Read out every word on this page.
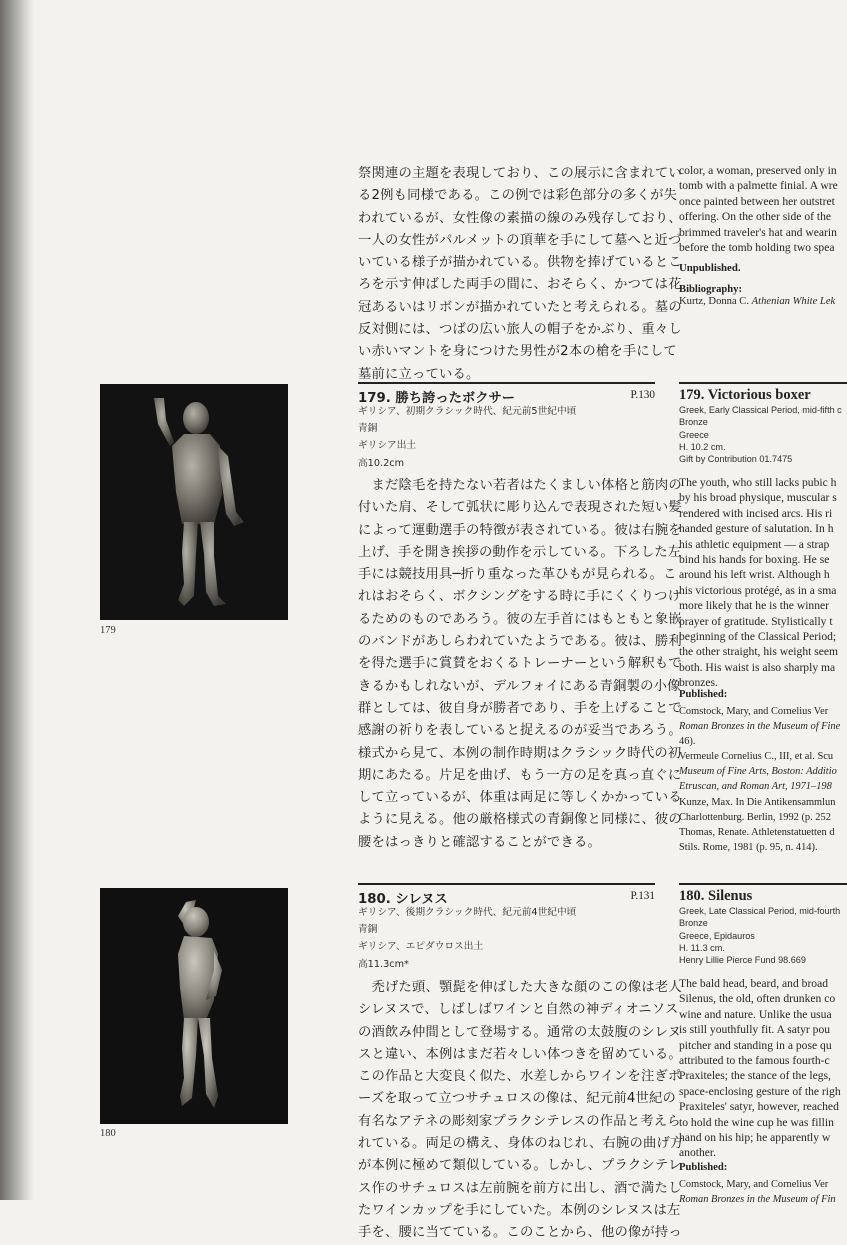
祭関連の主題を表現しており、この展示に含まれてい
る2例も同様である。この例では彩色部分の多くが失
われているが、女性像の素描の線のみ残存しており、
一人の女性がパルメットの頂華を手にして墓へと近づ
いている様子が描かれている。供物を捧げているとこ
ろを示す伸ばした両手の間に、おそらく、かつては花
冠あるいはリボンが描かれていたと考えられる。墓の
反対側には、つばの広い旅人の帽子をかぶり、重々し
い赤いマントを身につけた男性が2本の槍を手にして
墓前に立っている。
color, a woman, preserved only in
tomb with a palmette finial. A wre
once painted between her outstret
offering. On the other side of the
brimmed traveler's hat and wearin
before the tomb holding two spea
Unpublished.
Bibliography:
Kurtz, Donna C. Athenian White Lek
179
179. 勝ち誇ったボクサー	P.130
ギリシア、初期クラシック時代、紀元前5世紀中頃
青銅
ギリシア出土
高10.2cm
　まだ陰毛を持たない若者はたくましい体格と筋肉の
付いた肩、そして弧状に彫り込んで表現された短い髪
によって運動選手の特徴が表されている。彼は右腕を
上げ、手を開き挨拶の動作を示している。下ろした左
手には競技用具─折り重なった革ひもが見られる。こ
れはおそらく、ボクシングをする時に手にくくりつけ
るためのものであろう。彼の左手首にはもともと象嵌
のバンドがあしらわれていたようである。彼は、勝利
を得た選手に賞賛をおくるトレーナーという解釈もで
きるかもしれないが、デルフォイにある青銅製の小像
群としては、彼自身が勝者であり、手を上げることで
感謝の祈りを表していると捉えるのが妥当であろう。
様式から見て、本例の制作時期はクラシック時代の初
期にあたる。片足を曲げ、もう一方の足を真っ直ぐに
して立っているが、体重は両足に等しくかかっている
ように見える。他の厳格様式の青銅像と同様に、彼の
腰をはっきりと確認することができる。
179. Victorious boxer
Greek, Early Classical Period, mid-fifth c
Bronze
Greece
H. 10.2 cm.
Gift by Contribution 01.7475
The youth, who still lacks pubic h
by his broad physique, muscular s
rendered with incised arcs. His ri
handed gesture of salutation. In h
his athletic equipment — a strap
bind his hands for boxing. He se
around his left wrist. Although h
his victorious protégé, as in a sma
more likely that he is the winner
prayer of gratitude. Stylistically t
beginning of the Classical Period;
the other straight, his weight seem
both. His waist is also sharply ma
bronzes.
Published:
Comstock, Mary, and Cornelius Ver
Roman Bronzes in the Museum of Fine
46).
Vermeule Cornelius C., III, et al. Scu
Museum of Fine Arts, Boston: Additio
Etruscan, and Roman Art, 1971–198
Kunze, Max. In Die Antikensammlun
Charlottenburg. Berlin, 1992 (p. 252
Thomas, Renate. Athletenstatuetten d
Stils. Rome, 1981 (p. 95, n. 414).
180
180. シレヌス	P.131
ギリシア、後期クラシック時代、紀元前4世紀中頃
青銅
ギリシア、エピダウロス出土
高11.3cm*
　禿げた頭、顎髭を伸ばした大きな顔のこの像は老人
シレヌスで、しばしばワインと自然の神ディオニソス
の酒飲み仲間として登場する。通常の太鼓腹のシレヌ
スと違い、本例はまだ若々しい体つきを留めている。
この作品と大変良く似た、水差しからワインを注ぎポ
ーズを取って立つサチュロスの像は、紀元前4世紀の
有名なアテネの彫刻家プラクシテレスの作品と考えら
れている。両足の構え、身体のねじれ、右腕の曲げ方
が本例に極めて類似している。しかし、プラクシテレ
ス作のサチュロスは左前腕を前方に出し、酒で満たし
たワインカップを手にしていた。本例のシレヌスは左
手を、腰に当てている。このことから、他の像が持っ
180. Silenus
Greek, Late Classical Period, mid-fourth
Bronze
Greece, Epidauros
H. 11.3 cm.
Henry Lillie Pierce Fund 98.669
The bald head, beard, and broad
Silenus, the old, often drunken co
wine and nature. Unlike the usua
is still youthfully fit. A satyr pou
pitcher and standing in a pose qu
attributed to the famous fourth-c
Praxiteles; the stance of the legs,
space-enclosing gesture of the righ
Praxiteles' satyr, however, reached
to hold the wine cup he was fillin
hand on his hip; he apparently w
another.
Published:
Comstock, Mary, and Cornelius Ver
Roman Bronzes in the Museum of Fin
